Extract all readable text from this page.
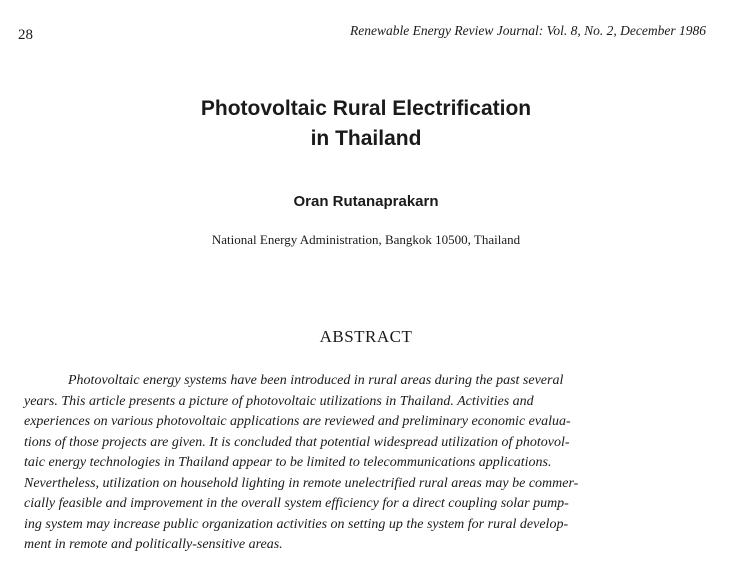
28	Renewable Energy Review Journal: Vol. 8, No. 2, December 1986
Photovoltaic Rural Electrification
in Thailand
Oran Rutanaprakarn
National Energy Administration, Bangkok 10500, Thailand
ABSTRACT
Photovoltaic energy systems have been introduced in rural areas during the past several
years. This article presents a picture of photovoltaic utilizations in Thailand. Activities and
experiences on various photovoltaic applications are reviewed and preliminary economic evalua-
tions of those projects are given. It is concluded that potential widespread utilization of photovol-
taic energy technologies in Thailand appear to be limited to telecommunications applications.
Nevertheless, utilization on household lighting in remote unelectrified rural areas may be commer-
cially feasible and improvement in the overall system efficiency for a direct coupling solar pump-
ing system may increase public organization activities on setting up the system for rural develop-
ment in remote and politically-sensitive areas.
